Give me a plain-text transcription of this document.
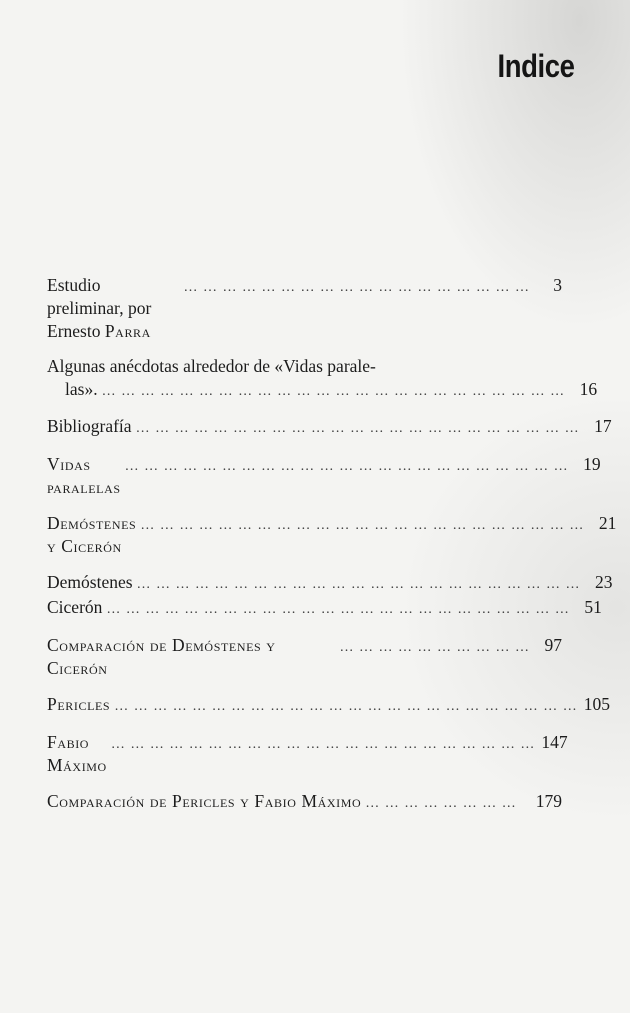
Indice
Estudio preliminar, por Ernesto Parra
… … … … … … … … … … … … … … … … … …	3
Algunas anécdotas alrededor de «Vidas parale-
las». … … … … … … … … … … … … … … … … … … … … … … … … 16
Bibliografía … … … … … … … … … … … … … … … … … … … … … … … 17
Vidas paralelas
… … … … … … … … … … … … … … … … … … … … … … … 19
Demóstenes y Cicerón
… … … … … … … … … … … … … … … … … … … … … … … 21
Demóstenes … … … … … … … … … … … … … … … … … … … … … … … 23
Cicerón … … … … … … … … … … … … … … … … … … … … … … … … 51
Comparación de Demóstenes y Cicerón
… … … … … … … … … … 97
Pericles … … … … … … … … … … … … … … … … … … … … … … … … 105
Fabio Máximo
… … … … … … … … … … … … … … … … … … … … … … 147
Comparación de Pericles y Fabio Máximo … … … … … … … …	179
